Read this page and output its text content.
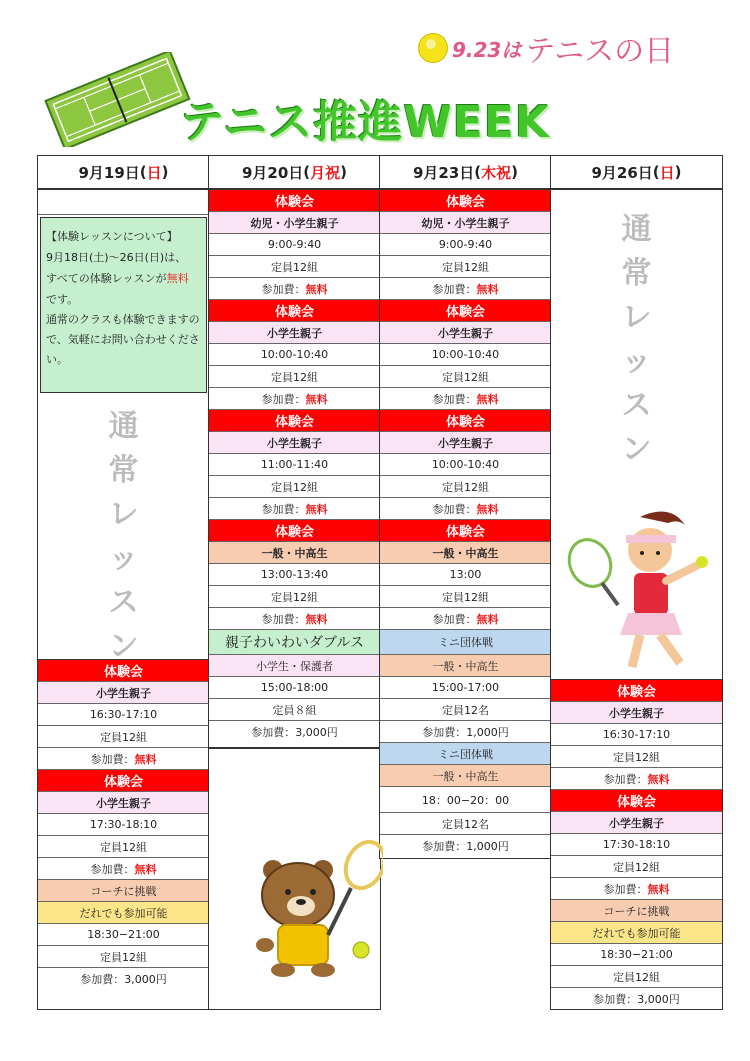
9.23は テニスの日
テニス推進WEEK
9月19日 ( 日 )
【体験レッスンについて】
9月18日(土)～26日(日)は、
すべての体験レッスンが無料
です。
通常のクラスも体験できますので、気軽にお問い合わせください。
通
常
レ
ッ
ス
ン
体験会
小学生親子
16:30-17:10
定員12組
参加費： 無料
体験会
小学生親子
17:30-18:10
定員12組
参加費： 無料
コーチに挑戦
だれでも参加可能
18:30−21:00
定員12組
参加費：3,000円
9月20日 ( 月祝 )
体験会
幼児・小学生親子
9:00-9:40
定員12組
参加費： 無料
体験会
小学生親子
10:00-10:40
定員12組
参加費： 無料
体験会
小学生親子
11:00-11:40
定員12組
参加費： 無料
体験会
一般・中高生
13:00-13:40
定員12組
参加費： 無料
親子わいわいダブルス
小学生・保護者
15:00-18:00
定員８組
参加費：3,000円
9月23日 ( 木祝 )
体験会
幼児・小学生親子
9:00-9:40
定員12組
参加費： 無料
体験会
小学生親子
10:00-10:40
定員12組
参加費： 無料
体験会
小学生親子
10:00-10:40
定員12組
参加費： 無料
体験会
一般・中高生
13:00
定員12組
参加費： 無料
ミニ団体戦
一般・中高生
15:00-17:00
定員12名
参加費：1,000円
ミニ団体戦
一般・中高生
18：00−20：00
定員12名
参加費：1,000円
9月26日 ( 日 )
通
常
レ
ッ
ス
ン
体験会
小学生親子
16:30-17:10
定員12組
参加費： 無料
体験会
小学生親子
17:30-18:10
定員12組
参加費： 無料
コーチに挑戦
だれでも参加可能
18:30−21:00
定員12組
参加費：3,000円
